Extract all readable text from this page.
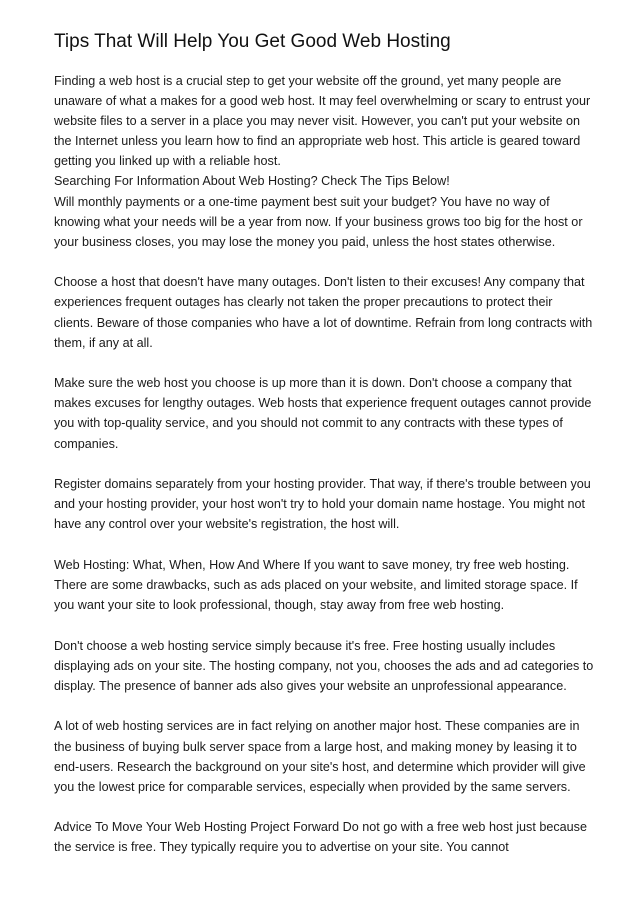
Tips That Will Help You Get Good Web Hosting

Finding a web host is a crucial step to get your website off the ground, yet many people are unaware of what a makes for a good web host. It may feel overwhelming or scary to entrust your website files to a server in a place you may never visit. However, you can't put your website on the Internet unless you learn how to find an appropriate web host. This article is geared toward getting you linked up with a reliable host.

Searching For Information About Web Hosting? Check The Tips Below!

Will monthly payments or a one-time payment best suit your budget? You have no way of knowing what your needs will be a year from now. If your business grows too big for the host or your business closes, you may lose the money you paid, unless the host states otherwise.

Choose a host that doesn't have many outages. Don't listen to their excuses! Any company that experiences frequent outages has clearly not taken the proper precautions to protect their clients. Beware of those companies who have a lot of downtime. Refrain from long contracts with them, if any at all.

Make sure the web host you choose is up more than it is down. Don't choose a company that makes excuses for lengthy outages. Web hosts that experience frequent outages cannot provide you with top-quality service, and you should not commit to any contracts with these types of companies.

Register domains separately from your hosting provider. That way, if there's trouble between you and your hosting provider, your host won't try to hold your domain name hostage. You might not have any control over your website's registration, the host will.

Web Hosting: What, When, How And Where If you want to save money, try free web hosting. There are some drawbacks, such as ads placed on your website, and limited storage space. If you want your site to look professional, though, stay away from free web hosting.

Don't choose a web hosting service simply because it's free. Free hosting usually includes displaying ads on your site. The hosting company, not you, chooses the ads and ad categories to display. The presence of banner ads also gives your website an unprofessional appearance.

A lot of web hosting services are in fact relying on another major host. These companies are in the business of buying bulk server space from a large host, and making money by leasing it to end-users. Research the background on your site's host, and determine which provider will give you the lowest price for comparable services, especially when provided by the same servers.

Advice To Move Your Web Hosting Project Forward Do not go with a free web host just because the service is free. They typically require you to advertise on your site. You cannot
